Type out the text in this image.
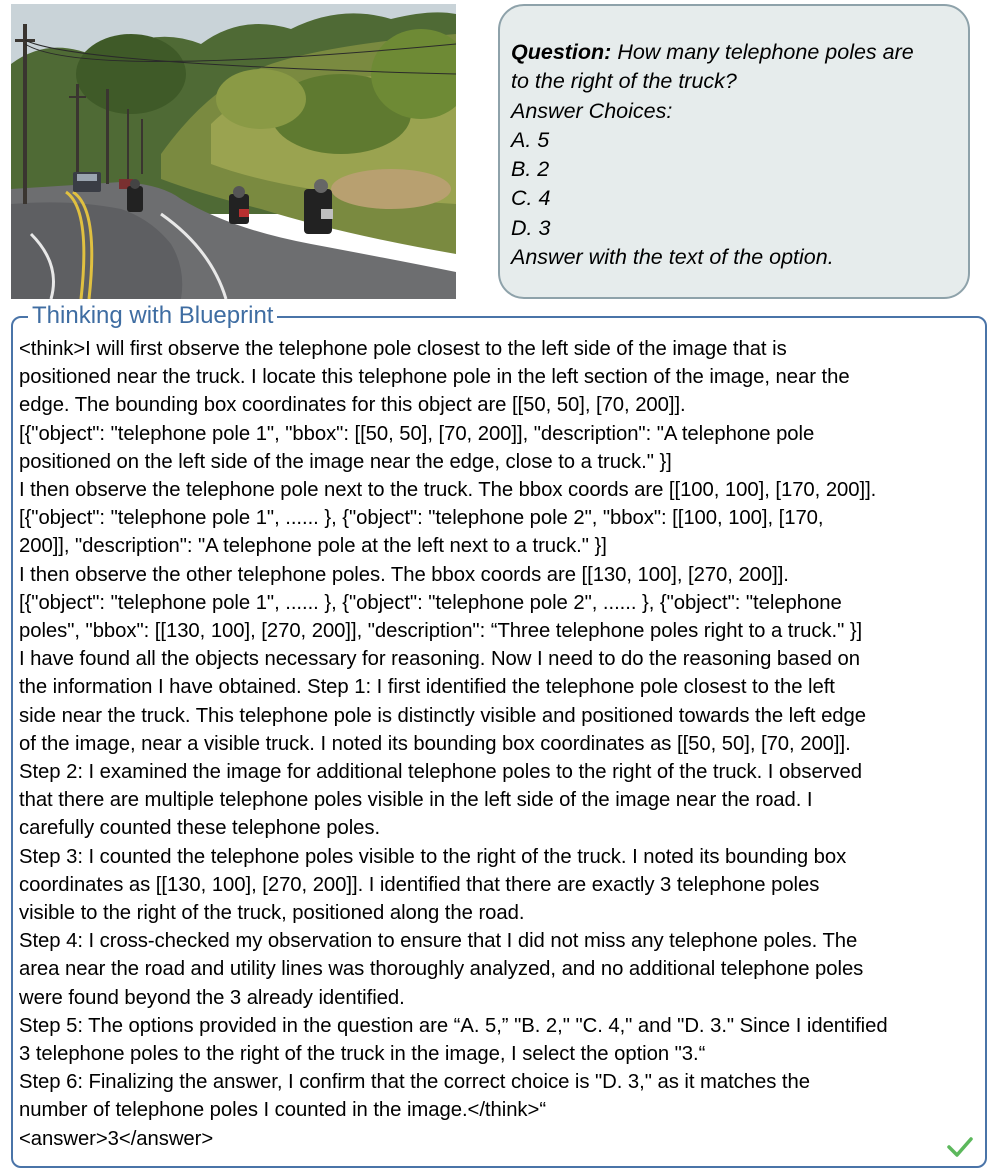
Question: How many telephone poles are
to the right of the truck?
Answer Choices:
A. 5
B. 2
C. 4
D. 3
Answer with the text of the option.
Thinking with Blueprint
<think>I will first observe the telephone pole closest to the left side of the image that is
positioned near the truck. I locate this telephone pole in the left section of the image, near the
edge. The bounding box coordinates for this object are [[50, 50], [70, 200]].
[{"object": "telephone pole 1", "bbox": [[50, 50], [70, 200]], "description": "A telephone pole
positioned on the left side of the image near the edge, close to a truck." }]
I then observe the telephone pole next to the truck. The bbox coords are [[100, 100], [170, 200]].
[{"object": "telephone pole 1", ...... }, {"object": "telephone pole 2", "bbox": [[100, 100], [170,
200]], "description": "A telephone pole at the left next to a truck." }]
I then observe the other telephone poles. The bbox coords are [[130, 100], [270, 200]].
[{"object": "telephone pole 1", ...... }, {"object": "telephone pole 2", ...... }, {"object": "telephone
poles", "bbox": [[130, 100], [270, 200]], "description": “Three telephone poles right to a truck." }]
I have found all the objects necessary for reasoning. Now I need to do the reasoning based on
the information I have obtained. Step 1: I first identified the telephone pole closest to the left
side near the truck. This telephone pole is distinctly visible and positioned towards the left edge
of the image, near a visible truck. I noted its bounding box coordinates as [[50, 50], [70, 200]].
Step 2: I examined the image for additional telephone poles to the right of the truck. I observed
that there are multiple telephone poles visible in the left side of the image near the road. I
carefully counted these telephone poles.
Step 3: I counted the telephone poles visible to the right of the truck. I noted its bounding box
coordinates as [[130, 100], [270, 200]]. I identified that there are exactly 3 telephone poles
visible to the right of the truck, positioned along the road.
Step 4: I cross-checked my observation to ensure that I did not miss any telephone poles. The
area near the road and utility lines was thoroughly analyzed, and no additional telephone poles
were found beyond the 3 already identified.
Step 5: The options provided in the question are “A. 5,” "B. 2," "C. 4," and "D. 3." Since I identified
3 telephone poles to the right of the truck in the image, I select the option "3.“
Step 6: Finalizing the answer, I confirm that the correct choice is "D. 3," as it matches the
number of telephone poles I counted in the image.</think>“
<answer>3</answer>
